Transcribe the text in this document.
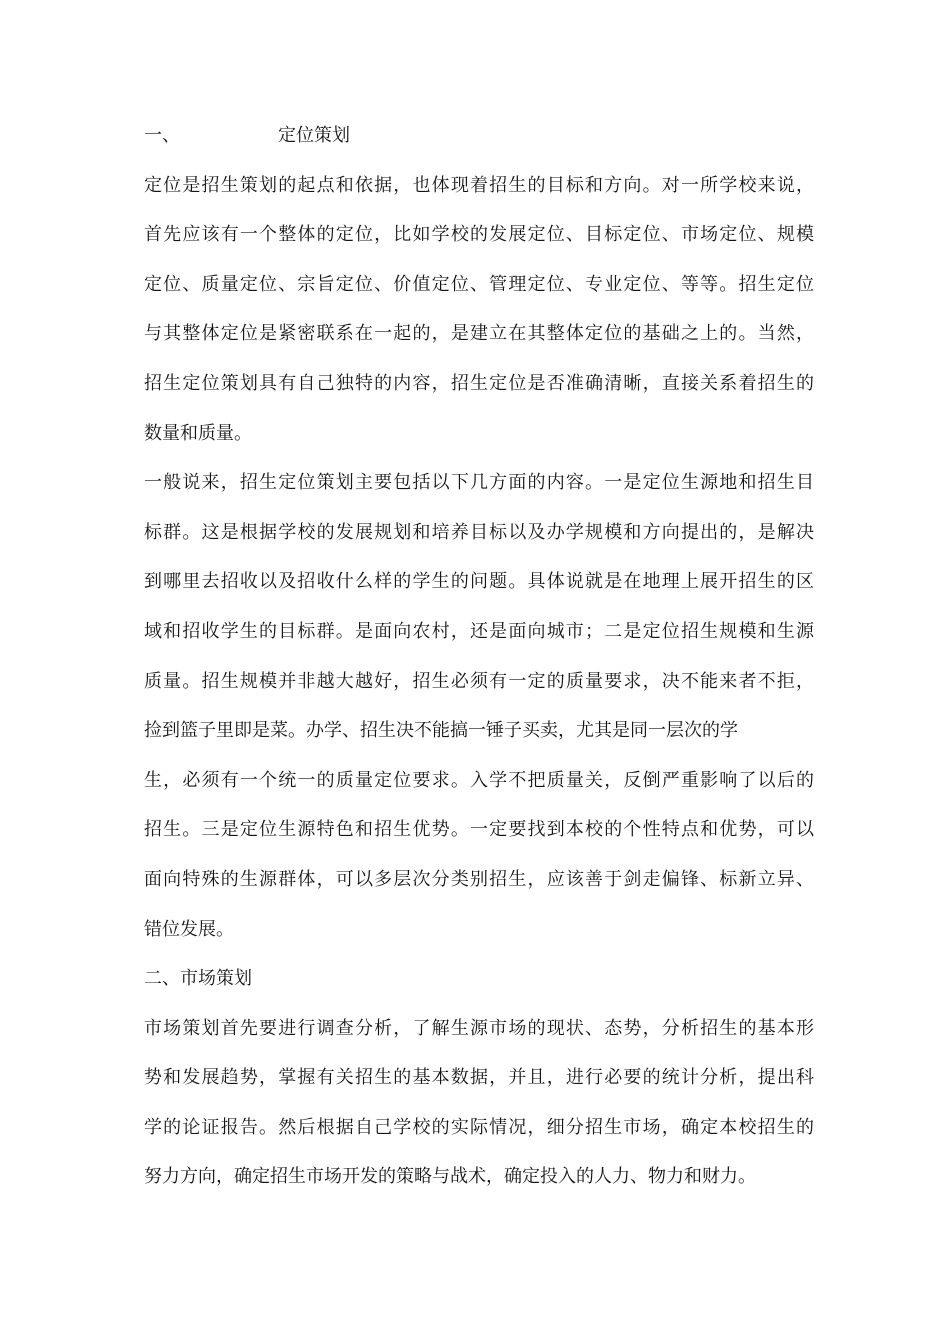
一、	定位策划
定位是招生策划的起点和依据，也体现着招生的目标和方向。对一所学校来说，
首先应该有一个整体的定位，比如学校的发展定位、目标定位、市场定位、规模
定位、质量定位、宗旨定位、价值定位、管理定位、专业定位、等等。招生定位
与其整体定位是紧密联系在一起的，是建立在其整体定位的基础之上的。当然，
招生定位策划具有自己独特的内容，招生定位是否准确清晰，直接关系着招生的
数量和质量。
一般说来，招生定位策划主要包括以下几方面的内容。一是定位生源地和招生目
标群。这是根据学校的发展规划和培养目标以及办学规模和方向提出的，是解决
到哪里去招收以及招收什么样的学生的问题。具体说就是在地理上展开招生的区
域和招收学生的目标群。是面向农村，还是面向城市；二是定位招生规模和生源
质量。招生规模并非越大越好，招生必须有一定的质量要求，决不能来者不拒，
捡到篮子里即是菜。办学、招生决不能搞一锤子买卖，尤其是同一层次的学
生，必须有一个统一的质量定位要求。入学不把质量关，反倒严重影响了以后的
招生。三是定位生源特色和招生优势。一定要找到本校的个性特点和优势，可以
面向特殊的生源群体，可以多层次分类别招生，应该善于剑走偏锋、标新立异、
错位发展。
二、市场策划
市场策划首先要进行调查分析，了解生源市场的现状、态势，分析招生的基本形
势和发展趋势，掌握有关招生的基本数据，并且，进行必要的统计分析，提出科
学的论证报告。然后根据自己学校的实际情况，细分招生市场，确定本校招生的
努力方向，确定招生市场开发的策略与战术，确定投入的人力、物力和财力。
